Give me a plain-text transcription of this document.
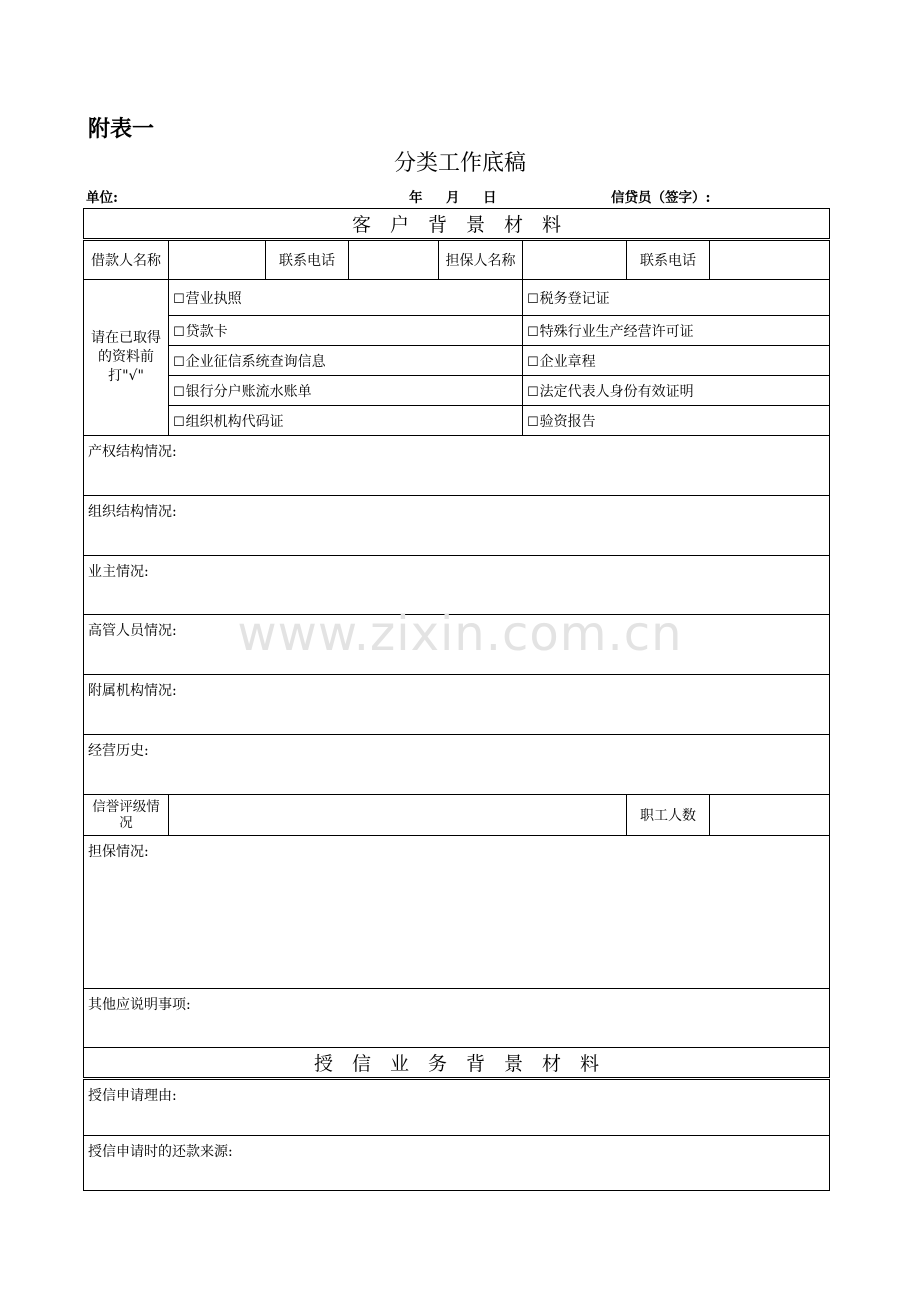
附表一
分类工作底稿
单位:	年 月 日	信贷员（签字）:
客　户　背　景　材　料							
借款人名称		联系电话		担保人名称		联系电话	
请在已取得的资料前打"√"	☐营业执照				☐税务登记证		
	☐贷款卡				☐特殊行业生产经营许可证		
	☐企业征信系统查询信息				☐企业章程		
	☐银行分户账流水账单				☐法定代表人身份有效证明		
	☐组织机构代码证				☐验资报告		
产权结构情况:							
组织结构情况:							
业主情况:							
高管人员情况:							
附属机构情况:							
经营历史:							
信誉评级情况						职工人数	
担保情况:							
其他应说明事项:							
授　信　业　务　背　景　材　料							
授信申请理由:							
授信申请时的还款来源:							
www.zixin.com.cn
